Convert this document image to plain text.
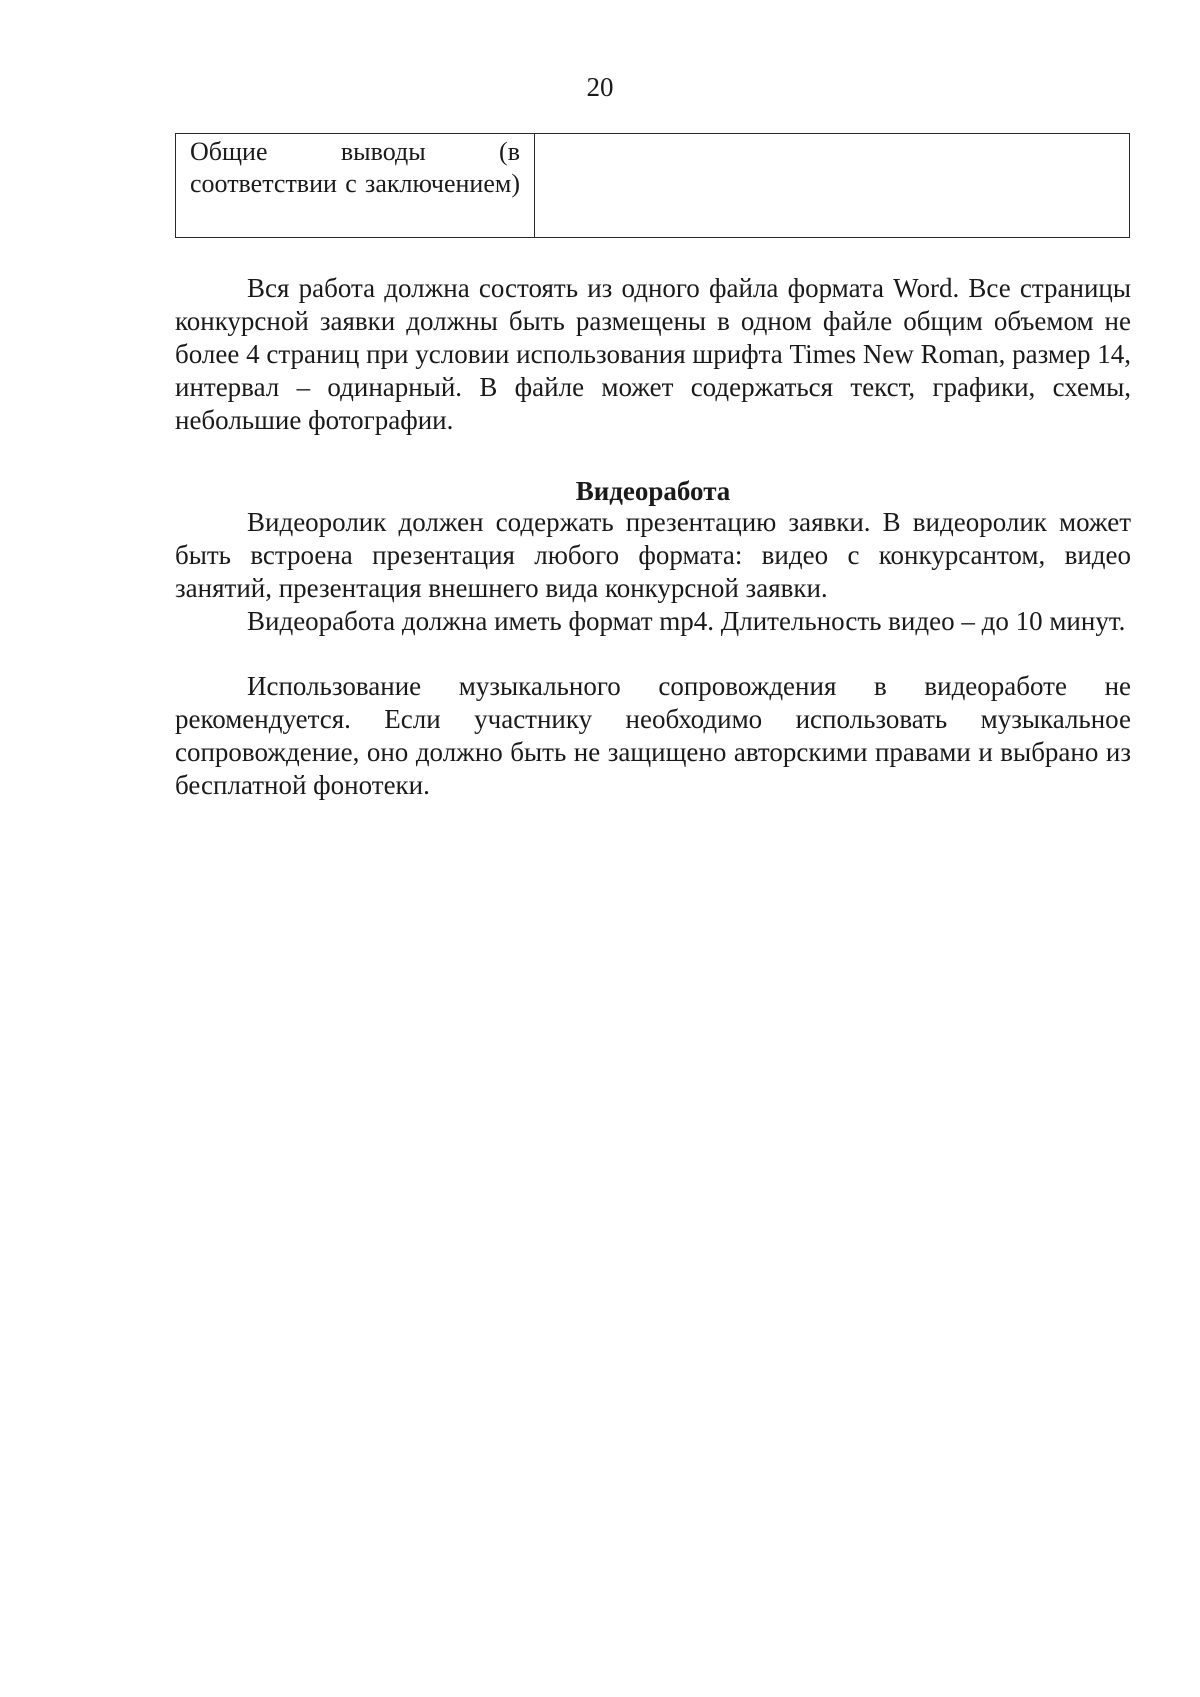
20
Общие выводы (в соответствии с заключением)	

Вся работа должна состоять из одного файла формата Word. Все страницы конкурсной заявки должны быть размещены в одном файле общим объемом не более 4 страниц при условии использования шрифта Times New Roman, размер 14, интервал – одинарный. В файле может содержаться текст, графики, схемы, небольшие фотографии.

Видеоработа

Видеоролик должен содержать презентацию заявки. В видеоролик может быть встроена презентация любого формата: видео с конкурсантом, видео занятий, презентация внешнего вида конкурсной заявки.

Видеоработа должна иметь формат mp4. Длительность видео – до 10 минут.

Использование музыкального сопровождения в видеоработе не рекомендуется. Если участнику необходимо использовать музыкальное сопровождение, оно должно быть не защищено авторскими правами и выбрано из бесплатной фонотеки.
